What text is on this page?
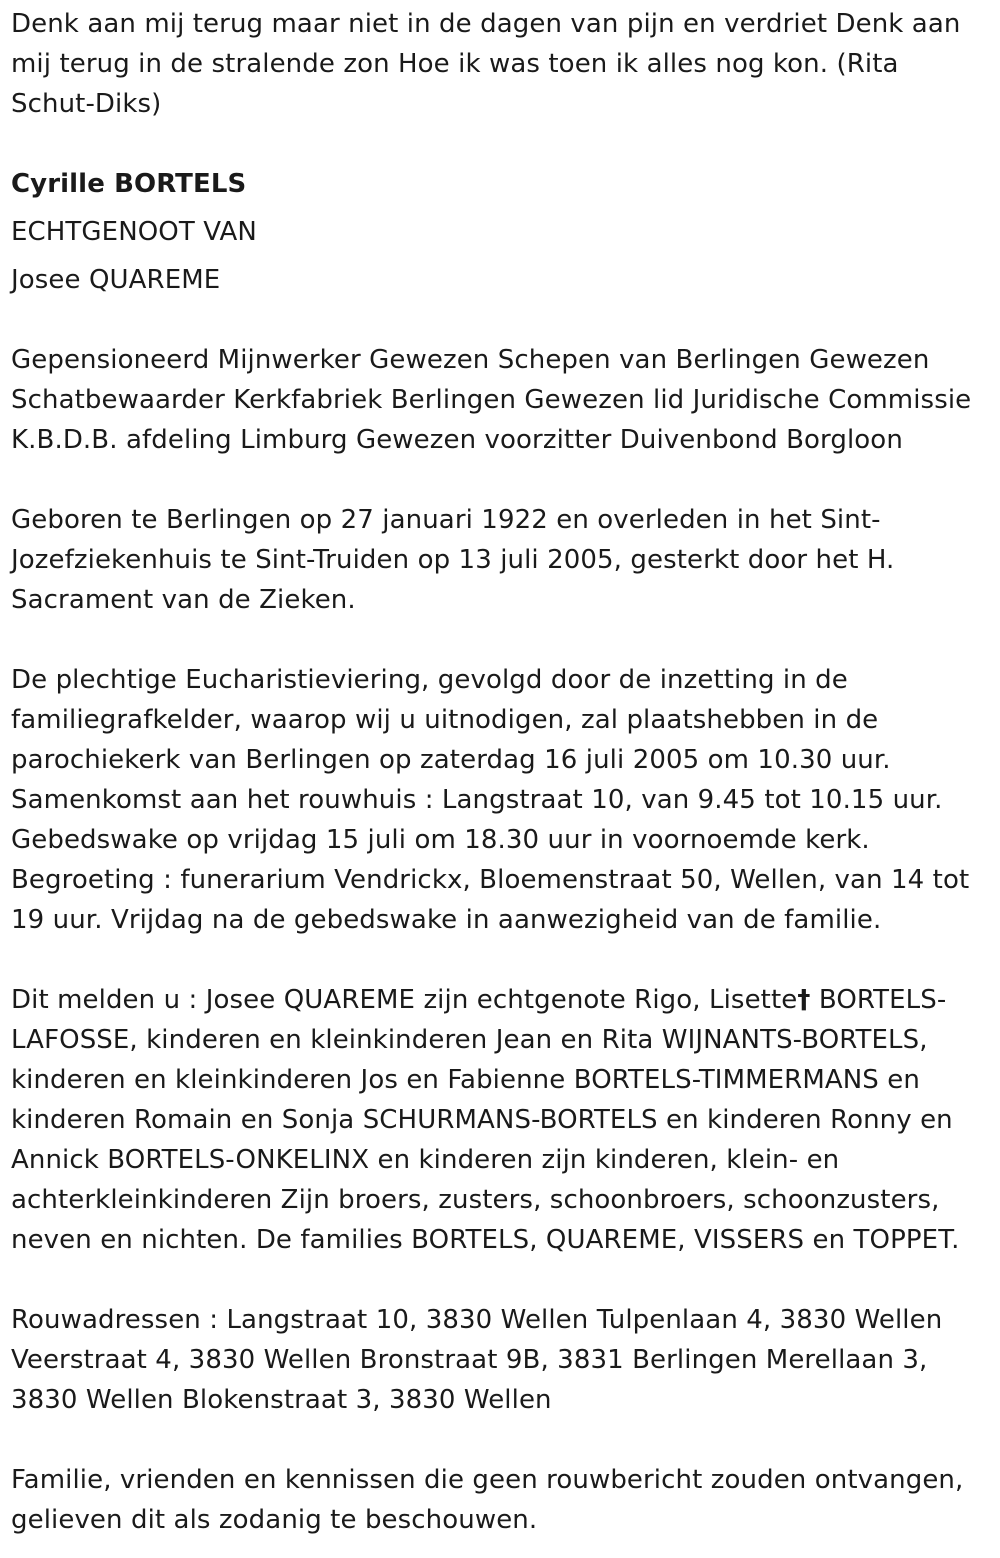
Denk aan mij terug maar niet in de dagen van pijn en verdriet Denk aan mij terug in de stralende zon Hoe ik was toen ik alles nog kon. (Rita Schut-Diks)

Cyrille BORTELS

ECHTGENOOT VAN

Josee QUAREME

Gepensioneerd Mijnwerker Gewezen Schepen van Berlingen Gewezen Schatbewaarder Kerkfabriek Berlingen Gewezen lid Juridische Commissie K.B.D.B. afdeling Limburg Gewezen voorzitter Duivenbond Borgloon

Geboren te Berlingen op 27 januari 1922 en overleden in het Sint-Jozefziekenhuis te Sint-Truiden op 13 juli 2005, gesterkt door het H. Sacrament van de Zieken.

De plechtige Eucharistieviering, gevolgd door de inzetting in de familiegrafkelder, waarop wij u uitnodigen, zal plaatshebben in de parochiekerk van Berlingen op zaterdag 16 juli 2005 om 10.30 uur. Samenkomst aan het rouwhuis : Langstraat 10, van 9.45 tot 10.15 uur. Gebedswake op vrijdag 15 juli om 18.30 uur in voornoemde kerk. Begroeting : funerarium Vendrickx, Bloemenstraat 50, Wellen, van 14 tot 19 uur. Vrijdag na de gebedswake in aanwezigheid van de familie.

Dit melden u : Josee QUAREME zijn echtgenote Rigo, Lisette† BORTELS-LAFOSSE, kinderen en kleinkinderen Jean en Rita WIJNANTS-BORTELS, kinderen en kleinkinderen Jos en Fabienne BORTELS-TIMMERMANS en kinderen Romain en Sonja SCHURMANS-BORTELS en kinderen Ronny en Annick BORTELS-ONKELINX en kinderen zijn kinderen, klein- en achterkleinkinderen Zijn broers, zusters, schoonbroers, schoonzusters, neven en nichten. De families BORTELS, QUAREME, VISSERS en TOPPET.

Rouwadressen : Langstraat 10, 3830 Wellen Tulpenlaan 4, 3830 Wellen Veerstraat 4, 3830 Wellen Bronstraat 9B, 3831 Berlingen Merellaan 3, 3830 Wellen Blokenstraat 3, 3830 Wellen

Familie, vrienden en kennissen die geen rouwbericht zouden ontvangen, gelieven dit als zodanig te beschouwen.
